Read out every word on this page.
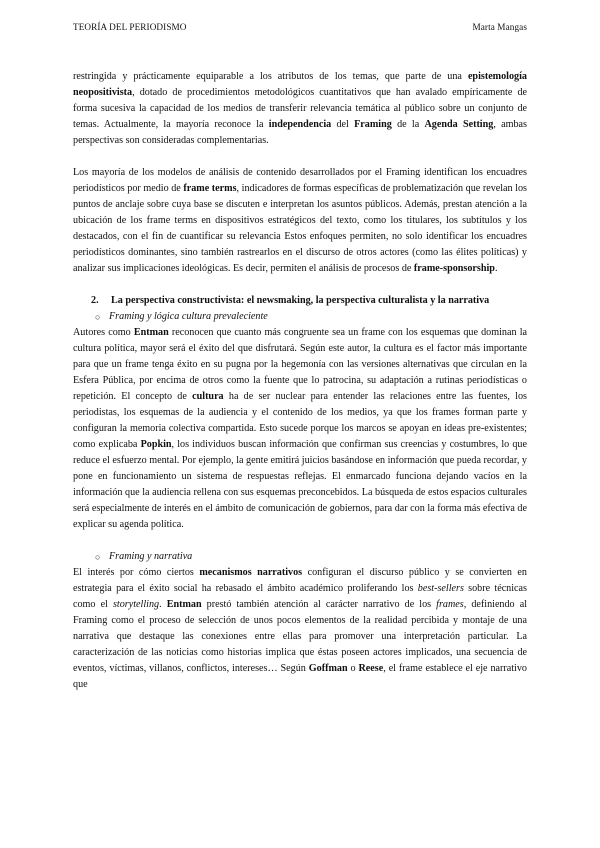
TEORÍA DEL PERIODISMO	Marta Mangas

restringida y prácticamente equiparable a los atributos de los temas, que parte de una epistemología neopositivista, dotado de procedimientos metodológicos cuantitativos que han avalado empíricamente de forma sucesiva la capacidad de los medios de transferir relevancia temática al público sobre un conjunto de temas. Actualmente, la mayoría reconoce la independencia del Framing de la Agenda Setting, ambas perspectivas son consideradas complementarias.

Los mayoría de los modelos de análisis de contenido desarrollados por el Framing identifican los encuadres periodísticos por medio de frame terms, indicadores de formas específicas de problematización que revelan los puntos de anclaje sobre cuya base se discuten e interpretan los asuntos públicos. Además, prestan atención a la ubicación de los frame terms en dispositivos estratégicos del texto, como los titulares, los subtítulos y los destacados, con el fin de cuantificar su relevancia Estos enfoques permiten, no solo identificar los encuadres periodísticos dominantes, sino también rastrearlos en el discurso de otros actores (como las élites políticas) y analizar sus implicaciones ideológicas. Es decir, permiten el análisis de procesos de frame-sponsorship.

2.	La perspectiva constructivista: el newsmaking, la perspectiva culturalista y la narrativa
○ Framing y lógica cultura prevaleciente

Autores como Entman reconocen que cuanto más congruente sea un frame con los esquemas que dominan la cultura política, mayor será el éxito del que disfrutará. Según este autor, la cultura es el factor más importante para que un frame tenga éxito en su pugna por la hegemonía con las versiones alternativas que circulan en la Esfera Pública, por encima de otros como la fuente que lo patrocina, su adaptación a rutinas periodísticas o repetición. El concepto de cultura ha de ser nuclear para entender las relaciones entre las fuentes, los periodistas, los esquemas de la audiencia y el contenido de los medios, ya que los frames forman parte y configuran la memoria colectiva compartida. Esto sucede porque los marcos se apoyan en ideas pre-existentes; como explicaba Popkin, los individuos buscan información que confirman sus creencias y costumbres, lo que reduce el esfuerzo mental. Por ejemplo, la gente emitirá juicios basándose en información que pueda recordar, y pone en funcionamiento un sistema de respuestas reflejas. El enmarcado funciona dejando vacíos en la información que la audiencia rellena con sus esquemas preconcebidos. La búsqueda de estos espacios culturales será especialmente de interés en el ámbito de comunicación de gobiernos, para dar con la forma más efectiva de explicar su agenda política.

○ Framing y narrativa

El interés por cómo ciertos mecanismos narrativos configuran el discurso público y se convierten en estrategia para el éxito social ha rebasado el ámbito académico proliferando los best-sellers sobre técnicas como el storytelling. Entman prestó también atención al carácter narrativo de los frames, definiendo al Framing como el proceso de selección de unos pocos elementos de la realidad percibida y montaje de una narrativa que destaque las conexiones entre ellas para promover una interpretación particular. La caracterización de las noticias como historias implica que éstas poseen actores implicados, una secuencia de eventos, víctimas, villanos, conflictos, intereses… Según Goffman o Reese, el frame establece el eje narrativo que
